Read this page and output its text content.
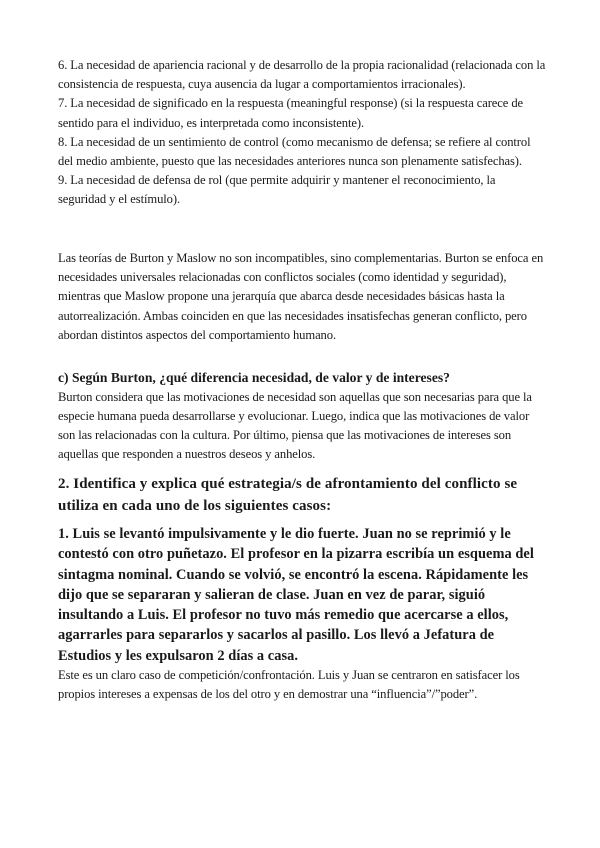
6. La necesidad de apariencia racional y de desarrollo de la propia racionalidad (relacionada con la consistencia de respuesta, cuya ausencia da lugar a comportamientos irracionales).

7. La necesidad de significado en la respuesta (meaningful response) (si la respuesta carece de sentido para el individuo, es interpretada como inconsistente).

8. La necesidad de un sentimiento de control (como mecanismo de defensa; se refiere al control del medio ambiente, puesto que las necesidades anteriores nunca son plenamente satisfechas).

9. La necesidad de defensa de rol (que permite adquirir y mantener el reconocimiento, la seguridad y el estímulo).

Las teorías de Burton y Maslow no son incompatibles, sino complementarias. Burton se enfoca en necesidades universales relacionadas con conflictos sociales (como identidad y seguridad), mientras que Maslow propone una jerarquía que abarca desde necesidades básicas hasta la autorrealización. Ambas coinciden en que las necesidades insatisfechas generan conflicto, pero abordan distintos aspectos del comportamiento humano.

c) Según Burton, ¿qué diferencia necesidad, de valor y de intereses?

Burton considera que las motivaciones de necesidad son aquellas que son necesarias para que la especie humana pueda desarrollarse y evolucionar. Luego, indica que las motivaciones de valor son las relacionadas con la cultura. Por último, piensa que las motivaciones de intereses son aquellas que responden a nuestros deseos y anhelos.

2. Identifica y explica qué estrategia/s de afrontamiento del conflicto se utiliza en cada uno de los siguientes casos:

1. Luis se levantó impulsivamente y le dio fuerte. Juan no se reprimió y le contestó con otro puñetazo. El profesor en la pizarra escribía un esquema del sintagma nominal. Cuando se volvió, se encontró la escena. Rápidamente les dijo que se separaran y salieran de clase. Juan en vez de parar, siguió insultando a Luis. El profesor no tuvo más remedio que acercarse a ellos, agarrarles para separarlos y sacarlos al pasillo. Los llevó a Jefatura de Estudios y les expulsaron 2 días a casa.

Este es un claro caso de competición/confrontación. Luis y Juan se centraron en satisfacer los propios intereses a expensas de los del otro y en demostrar una “influencia”/”poder”.
